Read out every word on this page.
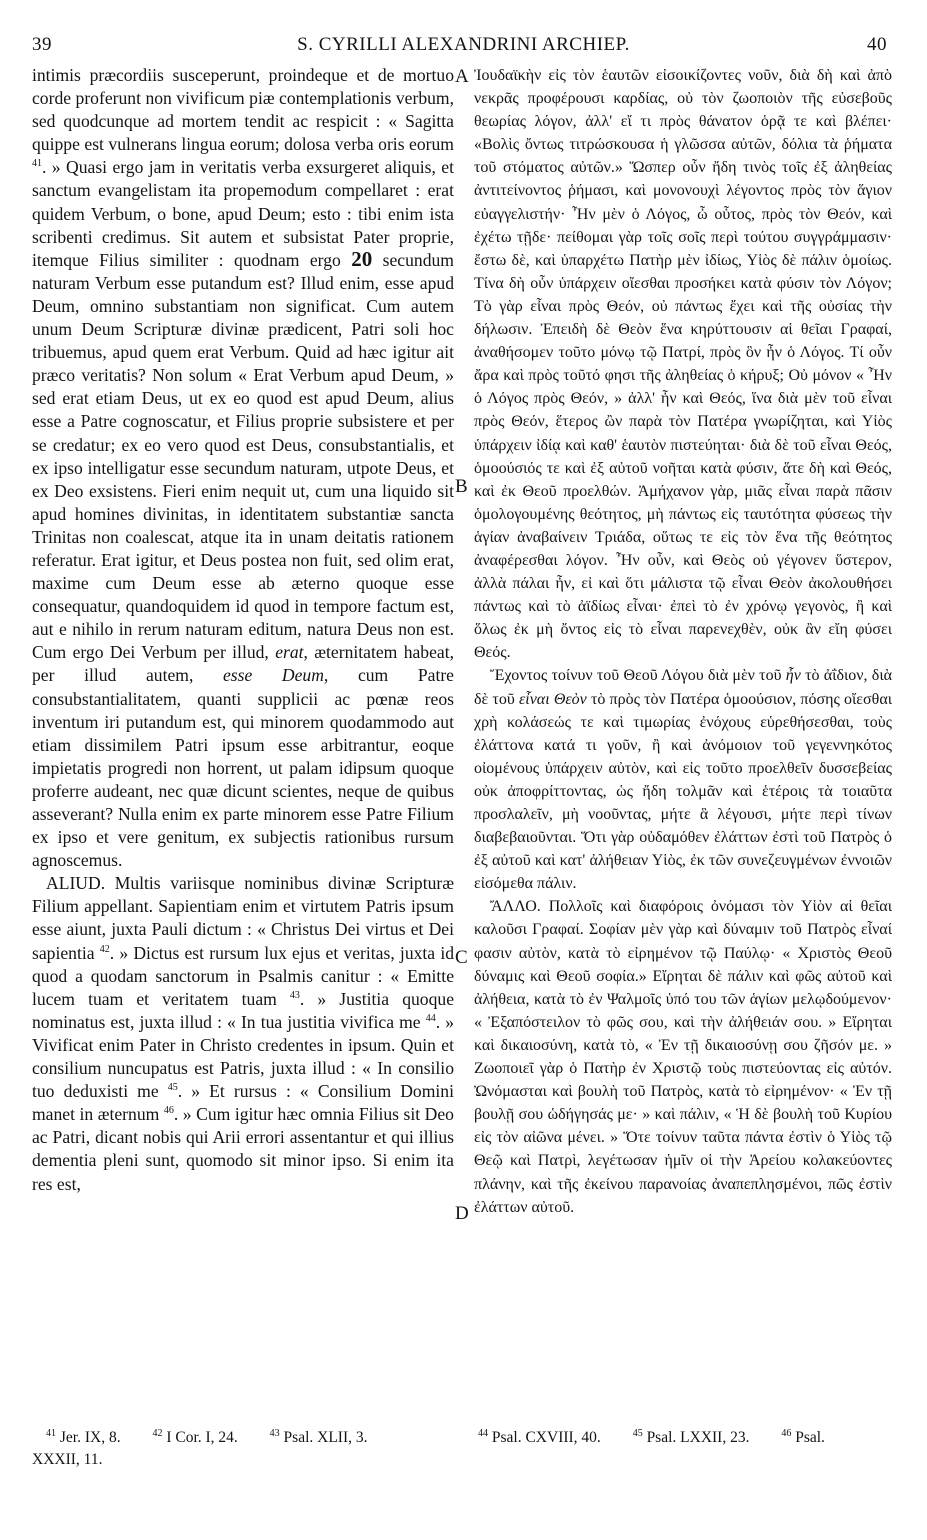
39	S. CYRILLI ALEXANDRINI ARCHIEP.	40
A
B
C
D

intimis præcordiis susceperunt, proindeque et de mortuo corde proferunt non vivificum piæ contemplationis verbum, sed quodcunque ad mortem tendit ac respicit : « Sagitta quippe est vulnerans lingua eorum; dolosa verba oris eorum $^{41}$. » Quasi ergo jam in veritatis verba exsurgeret aliquis, et sanctum evangelistam ita propemodum compellaret : erat quidem Verbum, o bone, apud Deum; esto : tibi enim ista scribenti credimus. Sit autem et subsistat Pater proprie, itemque Filius similiter : quodnam ergo 20 secundum naturam Verbum esse putandum est? Illud enim, esse apud Deum, omnino substantiam non significat. Cum autem unum Deum Scripturæ divinæ prædicent, Patri soli hoc tribuemus, apud quem erat Verbum. Quid ad hæc igitur ait præco veritatis? Non solum « Erat Verbum apud Deum, » sed erat etiam Deus, ut ex eo quod est apud Deum, alius esse a Patre cognoscatur, et Filius proprie subsistere et per se credatur; ex eo vero quod est Deus, consubstantialis, et ex ipso intelligatur esse secundum naturam, utpote Deus, et ex Deo exsistens. Fieri enim nequit ut, cum una liquido sit apud homines divinitas, in identitatem substantiæ sancta Trinitas non coalescat, atque ita in unam deitatis rationem referatur. Erat igitur, et Deus postea non fuit, sed olim erat, maxime cum Deum esse ab æterno quoque esse consequatur, quandoquidem id quod in tempore factum est, aut e nihilo in rerum naturam editum, natura Deus non est. Cum ergo Dei Verbum per illud, erat, æternitatem habeat, per illud autem, esse Deum, cum Patre consubstantialitatem, quanti supplicii ac pœnæ reos inventum iri putandum est, qui minorem quodammodo aut etiam dissimilem Patri ipsum esse arbitrantur, eoque impietatis progredi non horrent, ut palam idipsum quoque proferre audeant, nec quæ dicunt scientes, neque de quibus asseverant? Nulla enim ex parte minorem esse Patre Filium ex ipso et vere genitum, ex subjectis rationibus rursum agnoscemus.

ALIUD. Multis variisque nominibus divinæ Scripturæ Filium appellant. Sapientiam enim et virtutem Patris ipsum esse aiunt, juxta Pauli dictum : « Christus Dei virtus et Dei sapientia $^{42}$. » Dictus est rursum lux ejus et veritas, juxta id quod a quodam sanctorum in Psalmis canitur : « Emitte lucem tuam et veritatem tuam $^{43}$. » Justitia quoque nominatus est, juxta illud : « In tua justitia vivifica me $^{44}$. » Vivificat enim Pater in Christo credentes in ipsum. Quin et consilium nuncupatus est Patris, juxta illud : « In consilio tuo deduxisti me $^{45}$. » Et rursus : « Consilium Domini manet in æternum $^{46}$. » Cum igitur hæc omnia Filius sit Deo ac Patri, dicant nobis qui Arii errori assentantur et qui illius dementia pleni sunt, quomodo sit minor ipso. Si enim ita res est,

Ἰουδαϊκὴν εἰς τὸν ἑαυτῶν εἰσοικίζοντες νοῦν, διὰ δὴ καὶ ἀπὸ νεκρᾶς προφέρουσι καρδίας, οὐ τὸν ζωοποιὸν τῆς εὐσεβοῦς θεωρίας λόγον, ἀλλ' εἴ τι πρὸς θάνατον ὁρᾷ τε καὶ βλέπει· «Βολὶς ὄντως τιτρώσκουσα ἡ γλῶσσα αὐτῶν, δόλια τὰ ῥήματα τοῦ στόματος αὐτῶν.» Ὥσπερ οὖν ἤδη τινὸς τοῖς ἐξ ἀληθείας ἀντιτείνοντος ῥήμασι, καὶ μονονουχὶ λέγοντος πρὸς τὸν ἅγιον εὐαγγελιστήν· Ἦν μὲν ὁ Λόγος, ὦ οὗτος, πρὸς τὸν Θεόν, καὶ ἐχέτω τῇδε· πείθομαι γὰρ τοῖς σοῖς περὶ τούτου συγγράμμασιν· ἔστω δὲ, καὶ ὑπαρχέτω Πατὴρ μὲν ἰδίως, Υἱὸς δὲ πάλιν ὁμοίως. Τίνα δὴ οὖν ὑπάρχειν οἴεσθαι προσήκει κατὰ φύσιν τὸν Λόγον; Τὸ γὰρ εἶναι πρὸς Θεόν, οὐ πάντως ἔχει καὶ τῆς οὐσίας τὴν δήλωσιν. Ἐπειδὴ δὲ Θεὸν ἕνα κηρύττουσιν αἱ θεῖαι Γραφαί, ἀναθήσομεν τοῦτο μόνῳ τῷ Πατρί, πρὸς ὃν ἦν ὁ Λόγος. Τί οὖν ἄρα καὶ πρὸς τοῦτό φησι τῆς ἀληθείας ὁ κήρυξ; Οὐ μόνον « Ἦν ὁ Λόγος πρὸς Θεόν, » ἀλλ' ἦν καὶ Θεός, ἵνα διὰ μὲν τοῦ εἶναι πρὸς Θεόν, ἕτερος ὢν παρὰ τὸν Πατέρα γνωρίζηται, καὶ Υἱὸς ὑπάρχειν ἰδίᾳ καὶ καθ' ἑαυτὸν πιστεύηται· διὰ δὲ τοῦ εἶναι Θεός, ὁμοούσιός τε καὶ ἐξ αὐτοῦ νοῆται κατὰ φύσιν, ἅτε δὴ καὶ Θεός, καὶ ἐκ Θεοῦ προελθών. Ἀμήχανον γὰρ, μιᾶς εἶναι παρὰ πᾶσιν ὁμολογουμένης θεότητος, μὴ πάντως εἰς ταυτότητα φύσεως τὴν ἁγίαν ἀναβαίνειν Τριάδα, οὕτως τε εἰς τὸν ἕνα τῆς θεότητος ἀναφέρεσθαι λόγον. Ἦν οὖν, καὶ Θεὸς οὐ γέγονεν ὕστερον, ἀλλὰ πάλαι ἦν, εἰ καὶ ὅτι μάλιστα τῷ εἶναι Θεὸν ἀκολουθήσει πάντως καὶ τὸ ἀϊδίως εἶναι· ἐπεὶ τὸ ἐν χρόνῳ γεγονὸς, ἢ καὶ ὅλως ἐκ μὴ ὄντος εἰς τὸ εἶναι παρενεχθὲν, οὐκ ἂν εἴη φύσει Θεός.

Ἔχοντος τοίνυν τοῦ Θεοῦ Λόγου διὰ μὲν τοῦ ἦν τὸ ἀΐδιον, διὰ δὲ τοῦ εἶναι Θεὸν τὸ πρὸς τὸν Πατέρα ὁμοούσιον, πόσης οἴεσθαι χρὴ κολάσεώς τε καὶ τιμωρίας ἐνόχους εὑρεθήσεσθαι, τοὺς ἐλάττονα κατά τι γοῦν, ἢ καὶ ἀνόμοιον τοῦ γεγεννηκότος οἰομένους ὑπάρχειν αὐτὸν, καὶ εἰς τοῦτο προελθεῖν δυσσεβείας οὐκ ἀποφρίττοντας, ὡς ἤδη τολμᾶν καὶ ἑτέροις τὰ τοιαῦτα προσλαλεῖν, μὴ νοοῦντας, μήτε ἃ λέγουσι, μήτε περὶ τίνων διαβεβαιοῦνται. Ὅτι γὰρ οὐδαμόθεν ἐλάττων ἐστὶ τοῦ Πατρὸς ὁ ἐξ αὐτοῦ καὶ κατ' ἀλήθειαν Υἱὸς, ἐκ τῶν συνεζευγμένων ἐννοιῶν εἰσόμεθα πάλιν.

ἌΛΛΟ. Πολλοῖς καὶ διαφόροις ὀνόμασι τὸν Υἱὸν αἱ θεῖαι καλοῦσι Γραφαί. Σοφίαν μὲν γὰρ καὶ δύναμιν τοῦ Πατρὸς εἶναί φασιν αὐτὸν, κατὰ τὸ εἰρημένον τῷ Παύλῳ· « Χριστὸς Θεοῦ δύναμις καὶ Θεοῦ σοφία.» Εἴρηται δὲ πάλιν καὶ φῶς αὐτοῦ καὶ ἀλήθεια, κατὰ τὸ ἐν Ψαλμοῖς ὑπό του τῶν ἁγίων μελῳδούμενον· « Ἐξαπόστειλον τὸ φῶς σου, καὶ τὴν ἀλήθειάν σου. » Εἴρηται καὶ δικαιοσύνη, κατὰ τὸ, « Ἐν τῇ δικαιοσύνῃ σου ζῆσόν με. » Ζωοποιεῖ γὰρ ὁ Πατὴρ ἐν Χριστῷ τοὺς πιστεύοντας εἰς αὐτόν. Ὠνόμασται καὶ βουλὴ τοῦ Πατρὸς, κατὰ τὸ εἰρημένον· « Ἐν τῇ βουλῇ σου ὡδήγησάς με· » καὶ πάλιν, « Ἡ δὲ βουλὴ τοῦ Κυρίου εἰς τὸν αἰῶνα μένει. » Ὅτε τοίνυν ταῦτα πάντα ἐστὶν ὁ Υἱὸς τῷ Θεῷ καὶ Πατρὶ, λεγέτωσαν ἡμῖν οἱ τὴν Ἀρείου κολακεύοντες πλάνην, καὶ τῆς ἐκείνου παρανοίας ἀναπεπλησμένοι, πῶς ἐστὶν ἐλάττων αὐτοῦ.

$^{41}$ Jer. IX, 8.	$^{42}$ I Cor. I, 24.	$^{43}$ Psal. XLII, 3.
XXXII, 11.
$^{44}$ Psal. CXVIII, 40.	$^{45}$ Psal. LXXII, 23.	$^{46}$ Psal.
